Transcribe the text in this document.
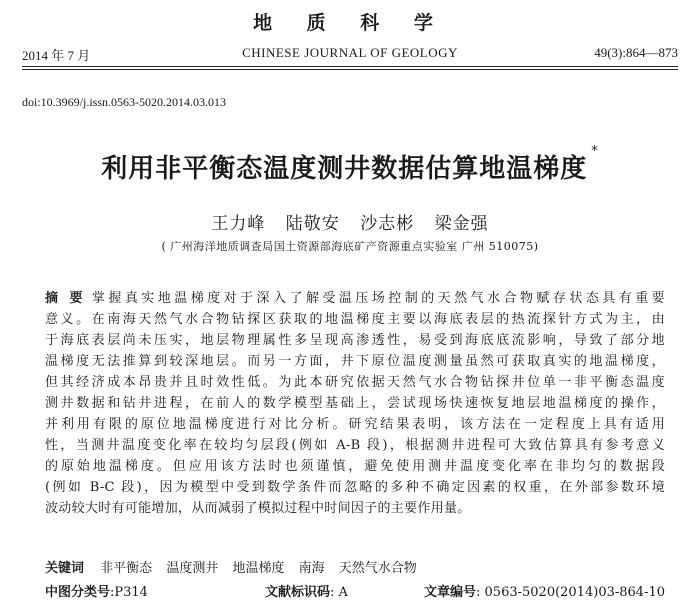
地 质 科 学
2014 年 7 月	CHINESE JOURNAL OF GEOLOGY	49(3):864—873
doi:10.3969/j.issn.0563-5020.2014.03.013
利用非平衡态温度测井数据估算地温梯度*
王力峰 陆敬安 沙志彬 梁金强
( 广州海洋地质调查局国土资源部海底矿产资源重点实验室 广州 510075)
摘 要 掌握真实地温梯度对于深入了解受温压场控制的天然气水合物赋存状态具有重要
意义。在南海天然气水合物钻探区获取的地温梯度主要以海底表层的热流探针方式为主，由
于海底表层尚未压实，地层物理属性多呈现高渗透性，易受到海底底流影响，导致了部分地
温梯度无法推算到较深地层。而另一方面，井下原位温度测量虽然可获取真实的地温梯度，
但其经济成本昂贵并且时效性低。为此本研究依据天然气水合物钻探井位单一非平衡态温度
测井数据和钻井进程，在前人的数学模型基础上，尝试现场快速恢复地层地温梯度的操作，
并利用有限的原位地温梯度进行对比分析。研究结果表明，该方法在一定程度上具有适用
性，当测井温度变化率在较均匀层段(例如 A-B 段)，根据测井进程可大致估算具有参考意义
的原始地温梯度。但应用该方法时也须谨慎，避免使用测井温度变化率在非均匀的数据段
(例如 B-C 段)，因为模型中受到数学条件而忽略的多种不确定因素的权重，在外部参数环境
波动较大时有可能增加，从而减弱了模拟过程中时间因子的主要作用量。
关键词 非平衡态 温度测井 地温梯度 南海 天然气水合物
中图分类号:P314	文献标识码: A	文章编号: 0563-5020(2014)03-864-10
